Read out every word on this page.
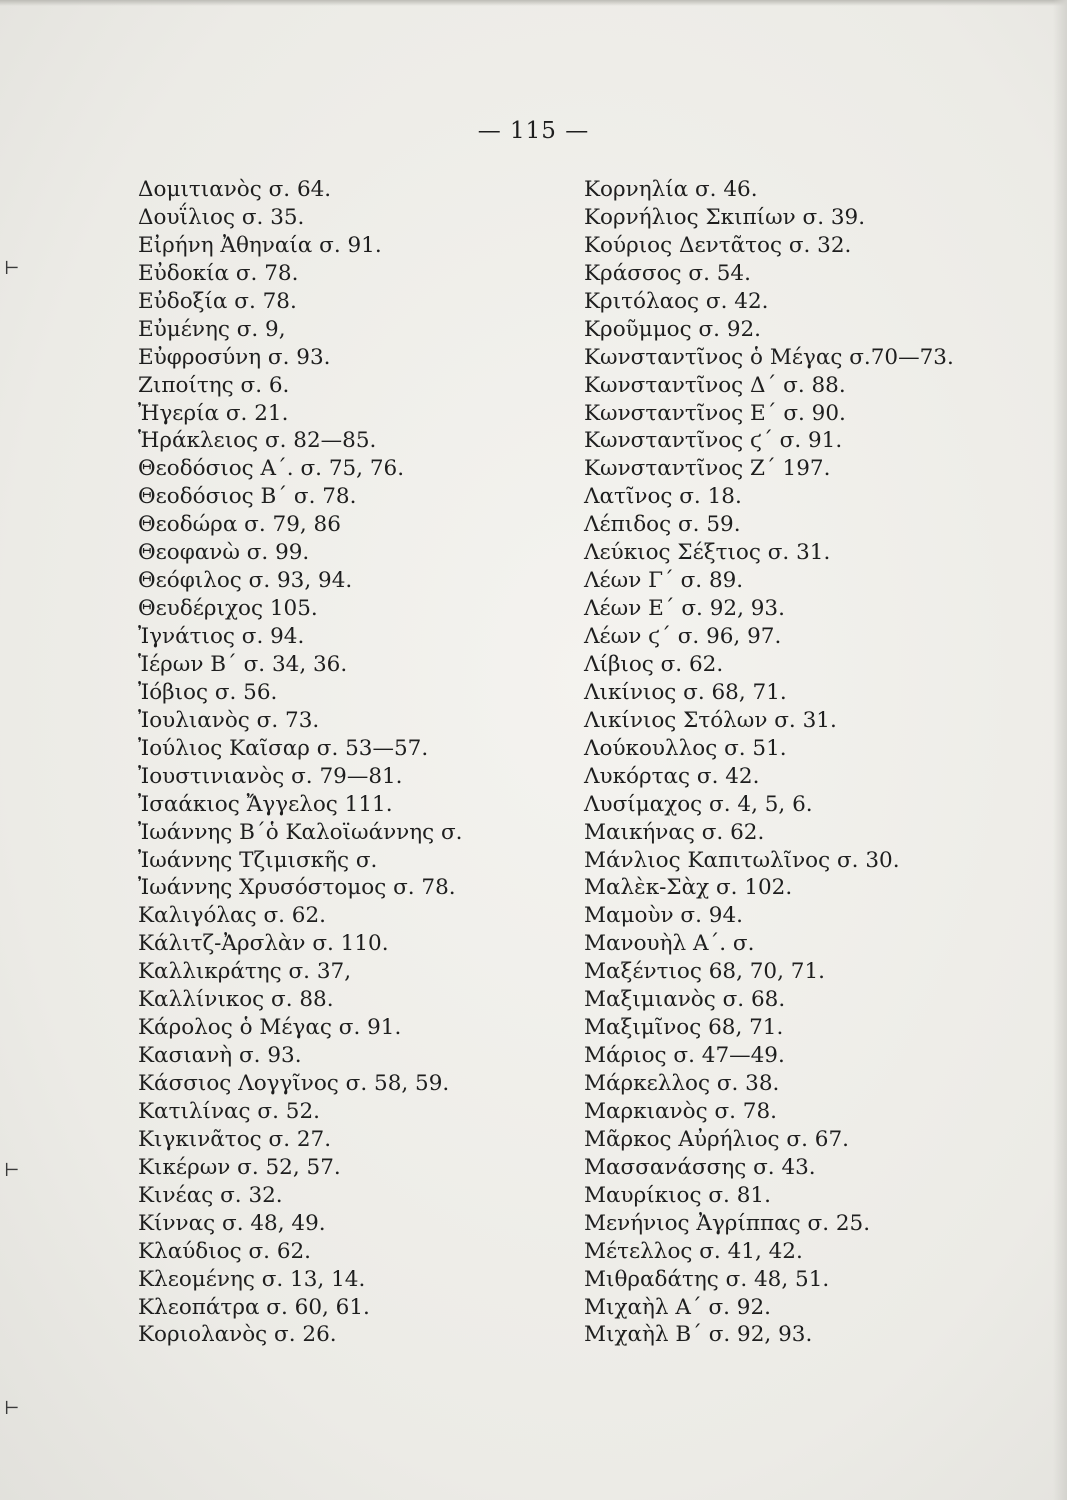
— 115 —
Δομιτιανὸς σ. 64.
Δουΐλιος σ. 35.
Εἰρήνη Ἀθηναία σ. 91.
Εὐδοκία σ. 78.
Εὐδοξία σ. 78.
Εὐμένης σ. 9,
Εὐφροσύνη σ. 93.
Ζιποίτης σ. 6.
Ἠγερία σ. 21.
Ἡράκλειος σ. 82—85.
Θεοδόσιος Α΄. σ. 75, 76.
Θεοδόσιος Β΄ σ. 78.
Θεοδώρα σ. 79, 86
Θεοφανὼ σ. 99.
Θεόφιλος σ. 93, 94.
Θευδέριχος 105.
Ἰγνάτιος σ. 94.
Ἱέρων Β΄ σ. 34, 36.
Ἰόβιος σ. 56.
Ἰουλιανὸς σ. 73.
Ἰούλιος Καῖσαρ σ. 53—57.
Ἰουστινιανὸς σ. 79—81.
Ἰσαάκιος Ἄγγελος 111.
Ἰωάννης Β΄ὁ Καλοϊωάννης σ.
Ἰωάννης Τζιμισκῆς σ.
Ἰωάννης Χρυσόστομος σ. 78.
Καλιγόλας σ. 62.
Κάλιτζ-Ἀρσλὰν σ. 110.
Καλλικράτης σ. 37,
Καλλίνικος σ. 88.
Κάρολος ὁ Μέγας σ. 91.
Κασιανὴ σ. 93.
Κάσσιος Λογγῖνος σ. 58, 59.
Κατιλίνας σ. 52.
Κιγκινᾶτος σ. 27.
Κικέρων σ. 52, 57.
Κινέας σ. 32.
Κίννας σ. 48, 49.
Κλαύδιος σ. 62.
Κλεομένης σ. 13, 14.
Κλεοπάτρα σ. 60, 61.
Κοριολανὸς σ. 26.
Κορνηλία σ. 46.
Κορνήλιος Σκιπίων σ. 39.
Κούριος Δεντᾶτος σ. 32.
Κράσσος σ. 54.
Κριτόλαος σ. 42.
Κροῦμμος σ. 92.
Κωνσταντῖνος ὁ Μέγας σ.70—73.
Κωνσταντῖνος Δ΄ σ. 88.
Κωνσταντῖνος Ε΄ σ. 90.
Κωνσταντῖνος ϛ΄ σ. 91.
Κωνσταντῖνος Ζ΄ 197.
Λατῖνος σ. 18.
Λέπιδος σ. 59.
Λεύκιος Σέξτιος σ. 31.
Λέων Γ΄ σ. 89.
Λέων Ε΄ σ. 92, 93.
Λέων ϛ΄ σ. 96, 97.
Λίβιος σ. 62.
Λικίνιος σ. 68, 71.
Λικίνιος Στόλων σ. 31.
Λούκουλλος σ. 51.
Λυκόρτας σ. 42.
Λυσίμαχος σ. 4, 5, 6.
Μαικήνας σ. 62.
Μάνλιος Καπιτωλῖνος σ. 30.
Μαλὲκ-Σὰχ σ. 102.
Μαμοὺν σ. 94.
Μανουὴλ Α΄. σ.
Μαξέντιος 68, 70, 71.
Μαξιμιανὸς σ. 68.
Μαξιμῖνος 68, 71.
Μάριος σ. 47—49.
Μάρκελλος σ. 38.
Μαρκιανὸς σ. 78.
Μᾶρκος Αὐρήλιος σ. 67.
Μασσανάσσης σ. 43.
Μαυρίκιος σ. 81.
Μενήνιος Ἀγρίππας σ. 25.
Μέτελλος σ. 41, 42.
Μιθραδάτης σ. 48, 51.
Μιχαὴλ Α΄ σ. 92.
Μιχαὴλ Β΄ σ. 92, 93.
⊢
⊢
⊢
